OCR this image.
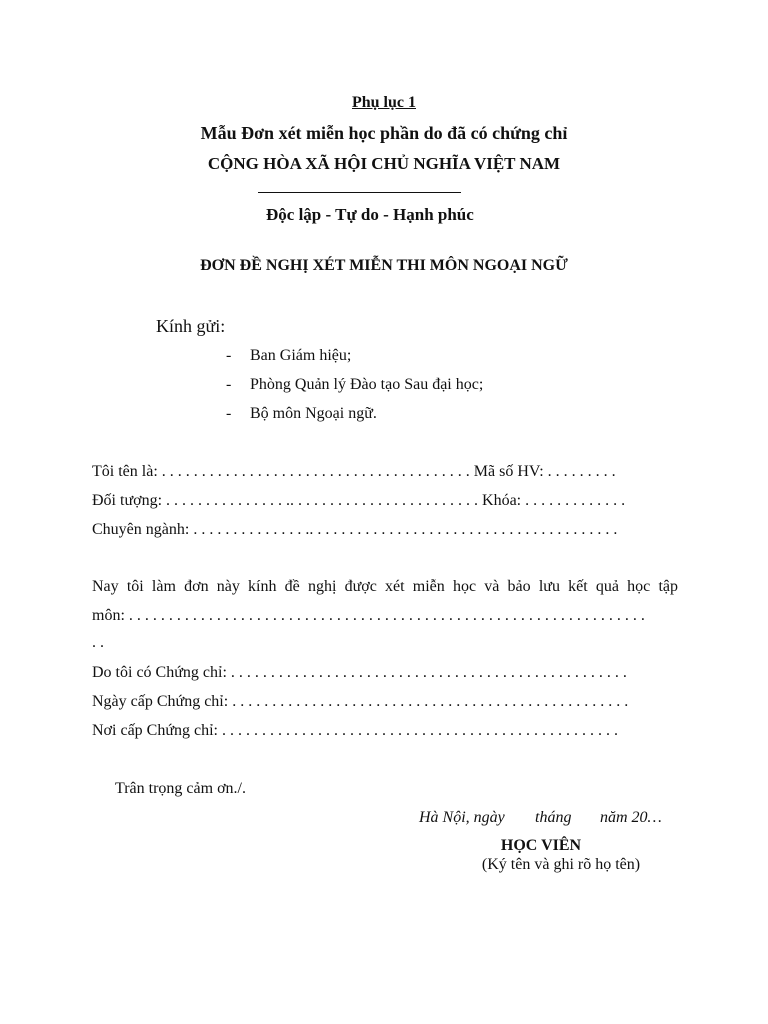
Phụ lục 1
Mẫu Đơn xét miễn học phần do đã có chứng chỉ
CỘNG HÒA XÃ HỘI CHỦ NGHĨA VIỆT NAM
Độc lập - Tự do - Hạnh phúc
ĐƠN ĐỀ NGHỊ XÉT MIỄN THI MÔN NGOẠI NGỮ
Kính gửi:
- Ban Giám hiệu;
- Phòng Quản lý Đào tạo Sau đại học;
- Bộ môn Ngoại ngữ.
Tôi tên là: . . . . . . . . . . . . . . . . . . . . . . . . . . . . . . . . . . . . . . . Mã số HV: . . . . . . . . .
Đối tượng: . . . . . . . . . . . . . . . .. . . . . . . . . . . . . . . . . . . . . . . . Khóa: . . . . . . . . . . . . .
Chuyên ngành: . . . . . . . . . . . . . . .. . . . . . . . . . . . . . . . . . . . . . . . . . . . . . . . . . . . . . .
Nay tôi làm đơn này kính đề nghị được xét miễn học và bảo lưu kết quả học tập
môn: . . . . . . . . . . . . . . . . . . . . . . . . . . . . . . . . . . . . . . . . . . . . . . . . . . . . . . . . . . . . . . . . .
. .
Do tôi có Chứng chỉ: . . . . . . . . . . . . . . . . . . . . . . . . . . . . . . . . . . . . . . . . . . . . . . . . . .
Ngày cấp Chứng chỉ: . . . . . . . . . . . . . . . . . . . . . . . . . . . . . . . . . . . . . . . . . . . . . . . . . .
Nơi cấp Chứng chỉ: . . . . . . . . . . . . . . . . . . . . . . . . . . . . . . . . . . . . . . . . . . . . . . . . . .
Trân trọng cảm ơn./.
Hà Nội, ngày tháng năm 20…
HỌC VIÊN
(Ký tên và ghi rõ họ tên)
